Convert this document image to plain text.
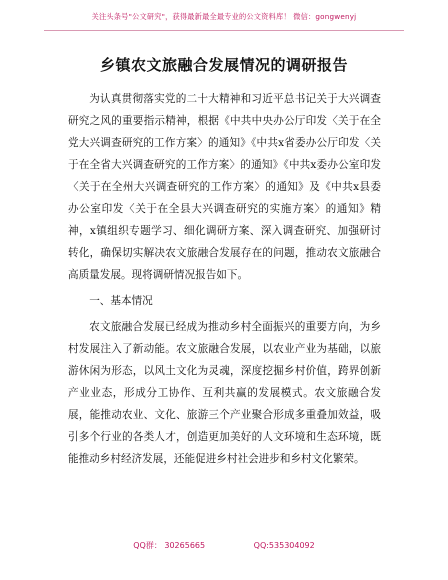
关注头条号"公文研究"，获得最新最全最专业的公文资料库！ 微信：gongwenyj
乡镇农文旅融合发展情况的调研报告

为认真贯彻落实党的二十大精神和习近平总书记关于大兴调查研究之风的重要指示精神，根据《中共中央办公厅印发〈关于在全党大兴调查研究的工作方案〉的通知》《中共x省委办公厅印发〈关于在全省大兴调查研究的工作方案〉的通知》《中共x委办公室印发〈关于在全州大兴调查研究的工作方案〉的通知》及《中共x县委办公室印发〈关于在全县大兴调查研究的实施方案〉的通知》精神，x镇组织专题学习、细化调研方案、深入调查研究、加强研讨转化，确保切实解决农文旅融合发展存在的问题，推动农文旅融合高质量发展。现将调研情况报告如下。

一、基本情况

农文旅融合发展已经成为推动乡村全面振兴的重要方向，为乡村发展注入了新动能。农文旅融合发展，以农业产业为基础，以旅游休闲为形态，以风土文化为灵魂，深度挖掘乡村价值，跨界创新产业业态，形成分工协作、互利共赢的发展模式。农文旅融合发展，能推动农业、文化、旅游三个产业聚合形成多重叠加效益，吸引多个行业的各类人才，创造更加美好的人文环境和生态环境，既能推动乡村经济发展，还能促进乡村社会进步和乡村文化繁荣。

QQ群： 30265665	QQ:535304092
